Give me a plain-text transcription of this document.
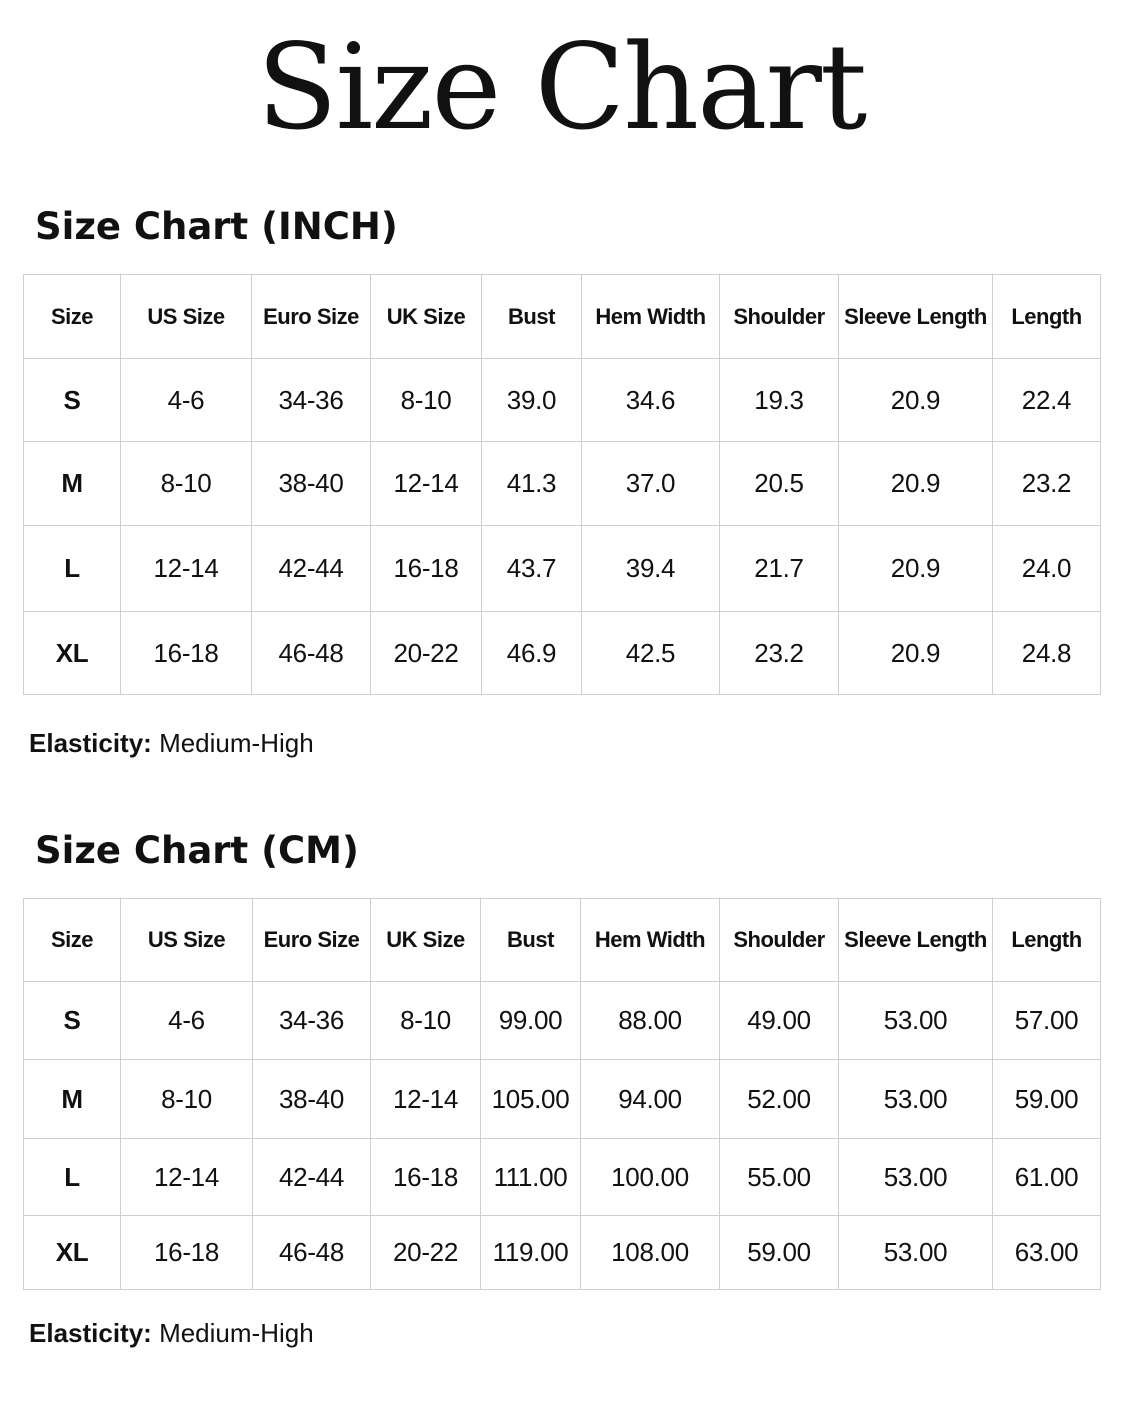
Size Chart
Size Chart (INCH)
Size	US Size	Euro Size	UK Size	Bust	Hem Width	Shoulder	Sleeve Length	Length
S	4-6	34-36	8-10	39.0	34.6	19.3	20.9	22.4
M	8-10	38-40	12-14	41.3	37.0	20.5	20.9	23.2
L	12-14	42-44	16-18	43.7	39.4	21.7	20.9	24.0
XL	16-18	46-48	20-22	46.9	42.5	23.2	20.9	24.8
Elasticity: Medium-High
Size Chart (CM)
Size	US Size	Euro Size	UK Size	Bust	Hem Width	Shoulder	Sleeve Length	Length
S	4-6	34-36	8-10	99.00	88.00	49.00	53.00	57.00
M	8-10	38-40	12-14	105.00	94.00	52.00	53.00	59.00
L	12-14	42-44	16-18	111.00	100.00	55.00	53.00	61.00
XL	16-18	46-48	20-22	119.00	108.00	59.00	53.00	63.00
Elasticity: Medium-High
